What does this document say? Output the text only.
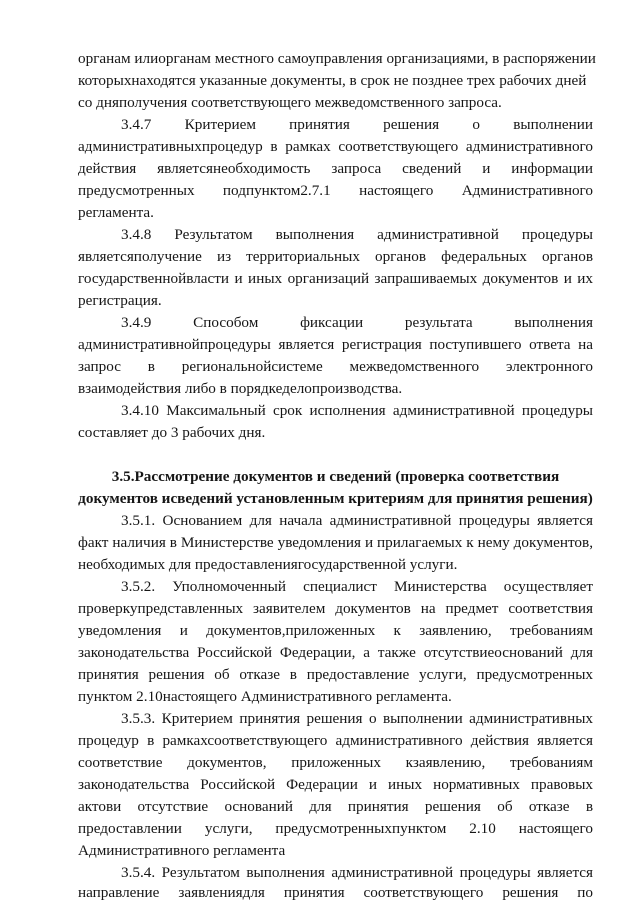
органам илиорганам местного самоуправления организациями, в распоряжении
которыхнаходятся указанные документы, в срок не позднее трех рабочих дней
со дняполучения соответствующего межведомственного запроса.
3.4.7 Критерием принятия решения о выполнении
административныхпроцедур в рамках соответствующего административного
действия являетсянеобходимость запроса сведений и информации
предусмотренных подпунктом2.7.1 настоящего Административного
регламента.
3.4.8 Результатом выполнения административной процедуры
являетсяполучение из территориальных органов федеральных органов
государственнойвласти и иных организаций запрашиваемых документов и их
регистрация.
3.4.9 Способом фиксации результата выполнения
административнойпроцедуры является регистрация поступившего ответа на
запрос в региональнойсистеме межведомственного электронного
взаимодействия либо в порядкеделопроизводства.
3.4.10 Максимальный срок исполнения административной процедуры
составляет до 3 рабочих дня.
3.5.Рассмотрение документов и сведений (проверка соответствия
документов исведений установленным критериям для принятия решения)
3.5.1. Основанием для начала административной процедуры является
факт наличия в Министерстве уведомления и прилагаемых к нему документов,
необходимых для предоставлениягосударственной услуги.
3.5.2. Уполномоченный специалист Министерства осуществляет
проверкупредставленных заявителем документов на предмет соответствия
уведомления и документов,приложенных к заявлению, требованиям
законодательства Российской Федерации, а также отсутствиеоснований для
принятия решения об отказе в предоставление услуги, предусмотренных
пунктом 2.10настоящего Административного регламента.
3.5.3. Критерием принятия решения о выполнении административных
процедур в рамкахсоответствующего административного действия является
соответствие документов, приложенных кзаявлению, требованиям
законодательства Российской Федерации и иных нормативных правовых
актови отсутствие оснований для принятия решения об отказе в
предоставлении услуги, предусмотренныхпунктом 2.10 настоящего
Административного регламента
3.5.4. Результатом выполнения административной процедуры является
направление заявлениядля принятия соответствующего решения по
